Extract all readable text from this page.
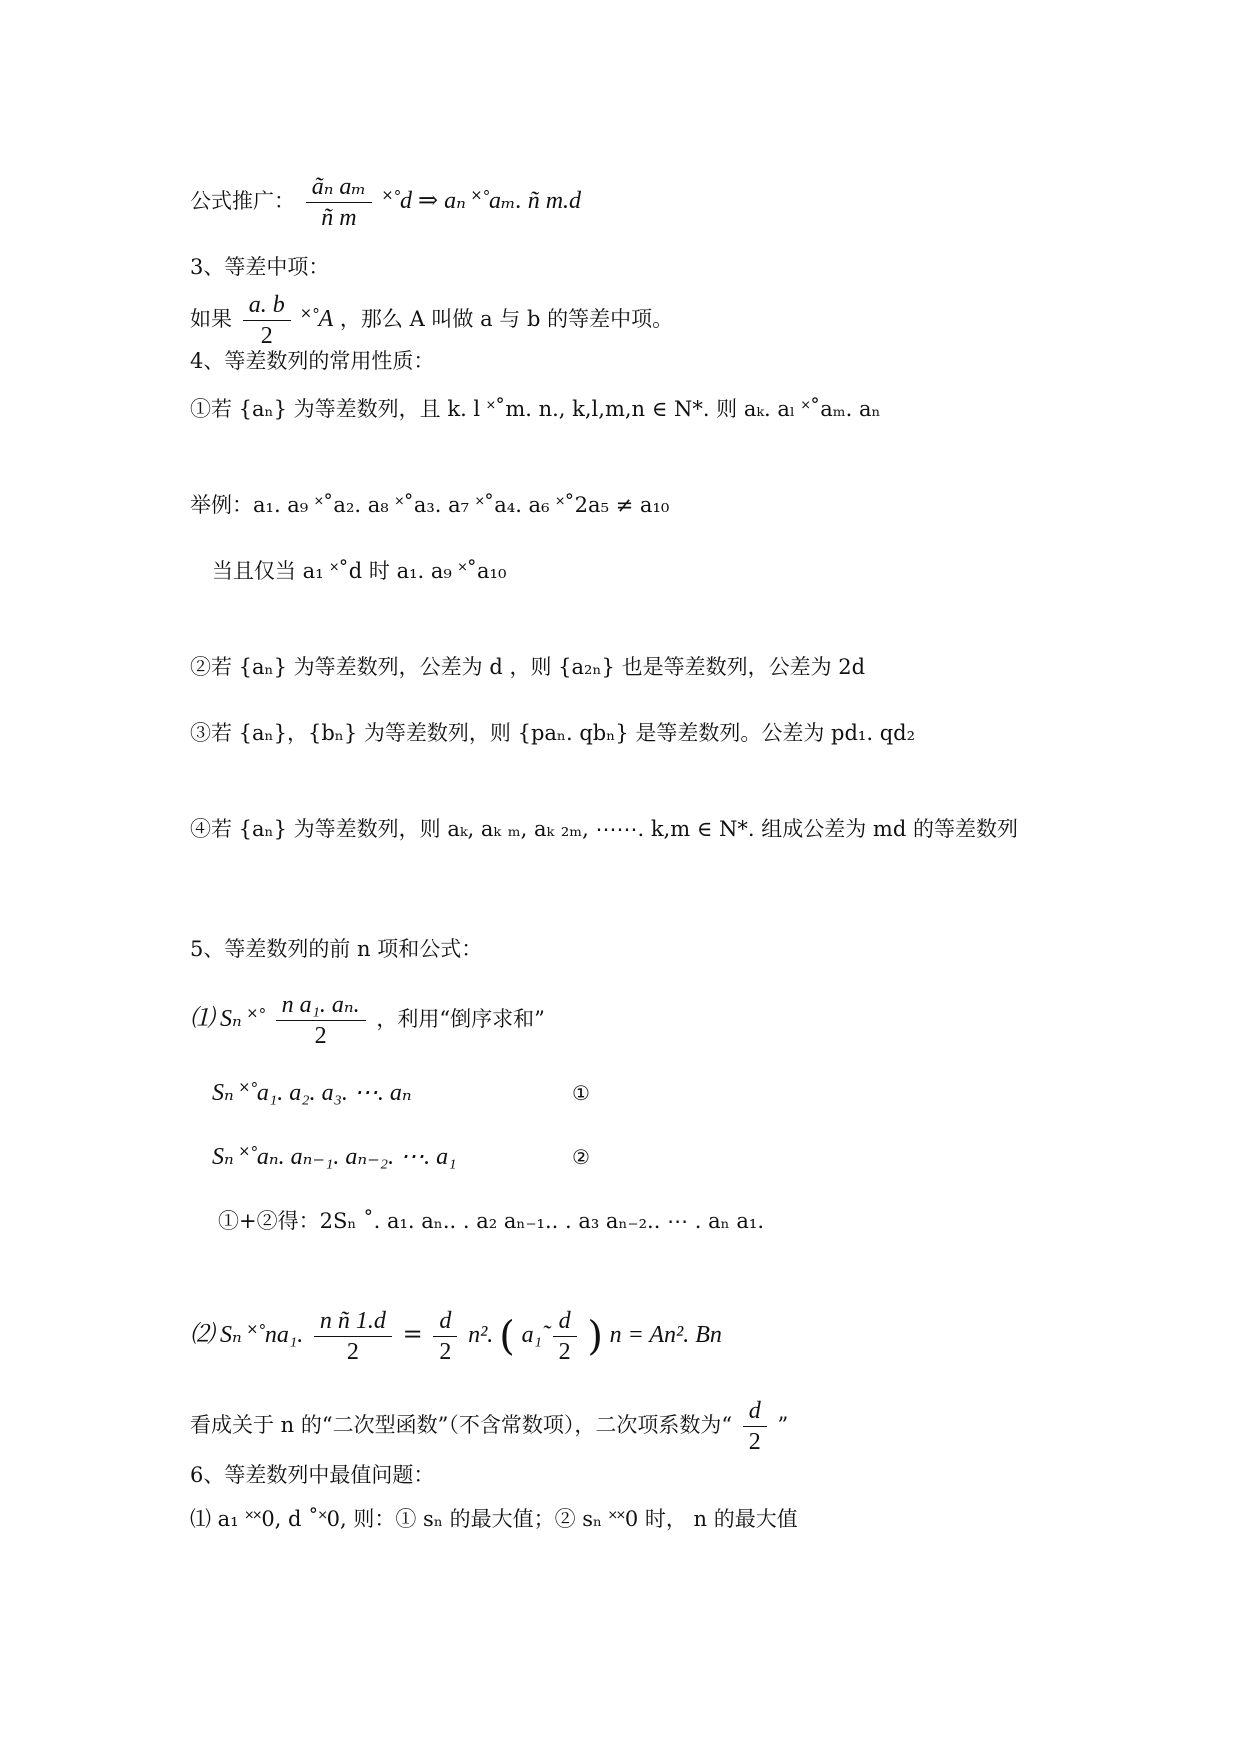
公式推广： $\frac{\text{ãₙ aₘ}}{\text{ñ m}}$ ˟˚d ⇒ aₙ ˟˚aₘ. ñ m.d
3、等差中项：
如果 $\frac{a. b}{2}$ ˟˚A ，那么 A 叫做 a 与 b 的等差中项。
4、等差数列的常用性质：
①若 {aₙ} 为等差数列，且 k. l ˟˚m. n., k,l,m,n ∈ N*. 则 aₖ. aₗ ˟˚aₘ. aₙ
举例：a₁. a₉ ˟˚a₂. a₈ ˟˚a₃. a₇ ˟˚a₄. a₆ ˟˚2a₅ ≠ a₁₀
当且仅当 a₁ ˟˚d 时 a₁. a₉ ˟˚a₁₀
②若 {aₙ} 为等差数列，公差为 d ，则 {a₂ₙ} 也是等差数列，公差为 2d
③若 {aₙ}，{bₙ} 为等差数列，则 {paₙ. qbₙ} 是等差数列。公差为 pd₁. qd₂
④若 {aₙ} 为等差数列，则 aₖ, aₖ ₘ, aₖ ₂ₘ, ⋯⋯. k,m ∈ N*. 组成公差为 md 的等差数列
5、等差数列的前 n 项和公式：
⑴ Sₙ ˟˚ $\frac{\text{n a₁. aₙ.}}{2}$ ，利用“倒序求和”
Sₙ ˟˚a₁. a₂. a₃. ⋯. aₙ	①
Sₙ ˟˚aₙ. aₙ₋₁. aₙ₋₂. ⋯. a₁	②
①+②得：2Sₙ ˚. a₁. aₙ.. . a₂ aₙ₋₁.. . a₃ aₙ₋₂.. ⋯ . aₙ a₁.
⑵ Sₙ ˟˚na₁. $\frac{\text{n ñ 1.d}}{2} = \frac{d}{2} n^2$. ( a₁̃ $\frac{d}{2}$ ) n = An². Bn
看成关于 n 的“二次型函数”（不含常数项），二次项系数为“ $\frac{d}{2}$ ”
6、等差数列中最值问题：
⑴ a₁ ˟˟0, d ˚˟0, 则：① sₙ 的最大值；② sₙ ˟˟0 时， n 的最大值
